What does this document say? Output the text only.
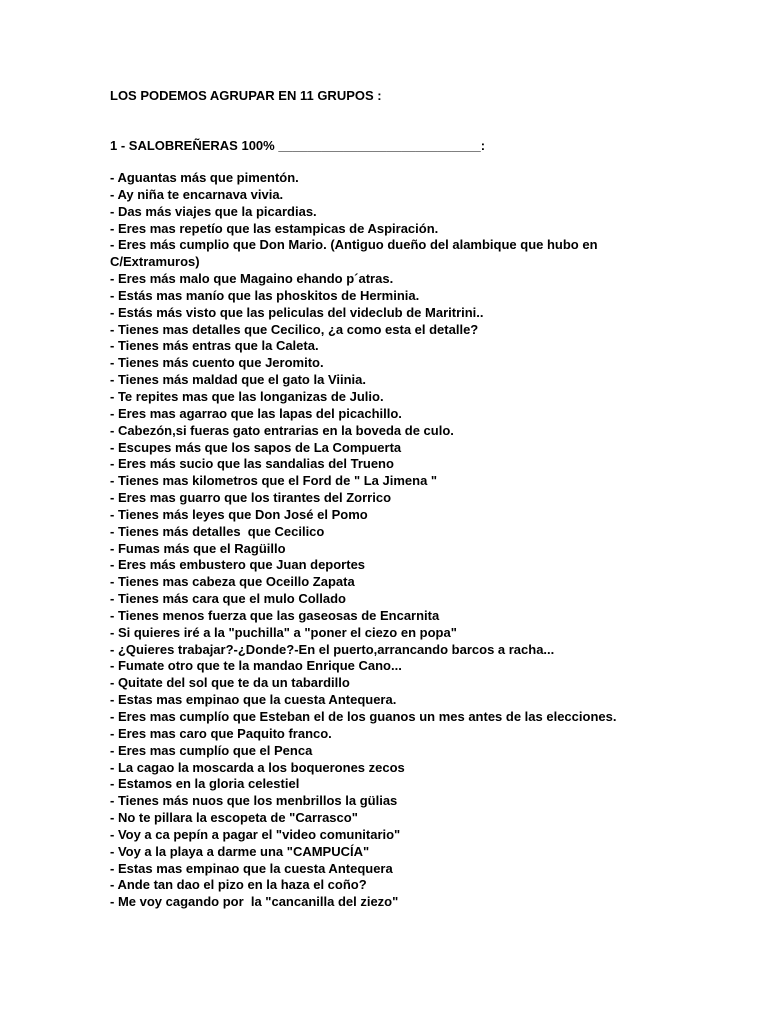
LOS PODEMOS AGRUPAR EN 11 GRUPOS :

1 - SALOBREÑERAS 100% ____________________________:

- Aguantas más que pimentón.
- Ay niña te encarnava vivia.
- Das más viajes que la picardias.
- Eres mas repetío que las estampicas de Aspiración.
- Eres más cumplio que Don Mario. (Antiguo dueño del alambique que hubo en C/Extramuros)
- Eres más malo que Magaino ehando p´atras.
- Estás mas manío que las phoskitos de Herminia.
- Estás más visto que las peliculas del videclub de Maritrini..
- Tienes mas detalles que Cecilico, ¿a como esta el detalle?
- Tienes más entras que la Caleta.
- Tienes más cuento que Jeromito.
- Tienes más maldad que el gato la Viinia.
- Te repites mas que las longanizas de Julio.
- Eres mas agarrao que las lapas del picachillo.
- Cabezón,si fueras gato entrarias en la boveda de culo.
- Escupes más que los sapos de La Compuerta
- Eres más sucio que las sandalias del Trueno
- Tienes mas kilometros que el Ford de " La Jimena "
- Eres mas guarro que los tirantes del Zorrico
- Tienes más leyes que Don José el Pomo
- Tienes más detalles  que Cecilico
- Fumas más que el Ragüillo
- Eres más embustero que Juan deportes
- Tienes mas cabeza que Oceillo Zapata
- Tienes más cara que el mulo Collado
- Tienes menos fuerza que las gaseosas de Encarnita
- Si quieres iré a la "puchilla" a "poner el ciezo en popa"
- ¿Quieres trabajar?-¿Donde?-En el puerto,arrancando barcos a racha...
- Fumate otro que te la mandao Enrique Cano...
- Quitate del sol que te da un tabardillo
- Estas mas empinao que la cuesta Antequera.
- Eres mas cumplío que Esteban el de los guanos un mes antes de las elecciones.
- Eres mas caro que Paquito franco.
- Eres mas cumplío que el Penca
- La cagao la moscarda a los boquerones zecos
- Estamos en la gloria celestiel
- Tienes más nuos que los menbrillos la gülias
- No te pillara la escopeta de "Carrasco"
- Voy a ca pepín a pagar el "video comunitario"
- Voy a la playa a darme una "CAMPUCÍA"
- Estas mas empinao que la cuesta Antequera
- Ande tan dao el pizo en la haza el coño?
- Me voy cagando por  la "cancanilla del ziezo"
